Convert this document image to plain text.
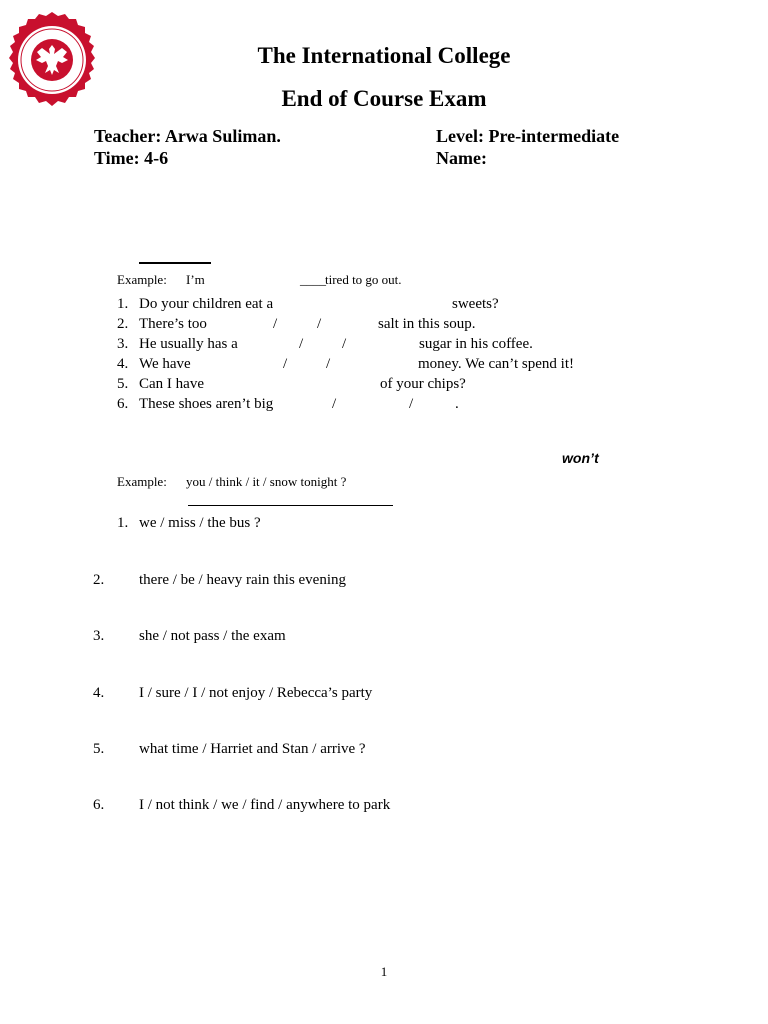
The International College
End of Course Exam
Teacher: Arwa Suliman.	Level: Pre-intermediate
Time: 4-6	Name:
Example: I’m	____ tired to go out.
1. Do your children eat a	sweets?
2. There’s too	/	/	salt in this soup.
3. He usually has a	/	/	sugar in his coffee.
4. We have	/	/	money. We can’t spend it!
5. Can I have	of your chips?
6. These shoes aren’t big	/	/	.
won’t
Example: you / think / it / snow tonight ?
1. we / miss / the bus ?
2. there / be / heavy rain this evening
3. she / not pass / the exam
4. I / sure / I / not enjoy / Rebecca’s party
5. what time / Harriet and Stan / arrive ?
6. I / not think / we / find / anywhere to park
1
